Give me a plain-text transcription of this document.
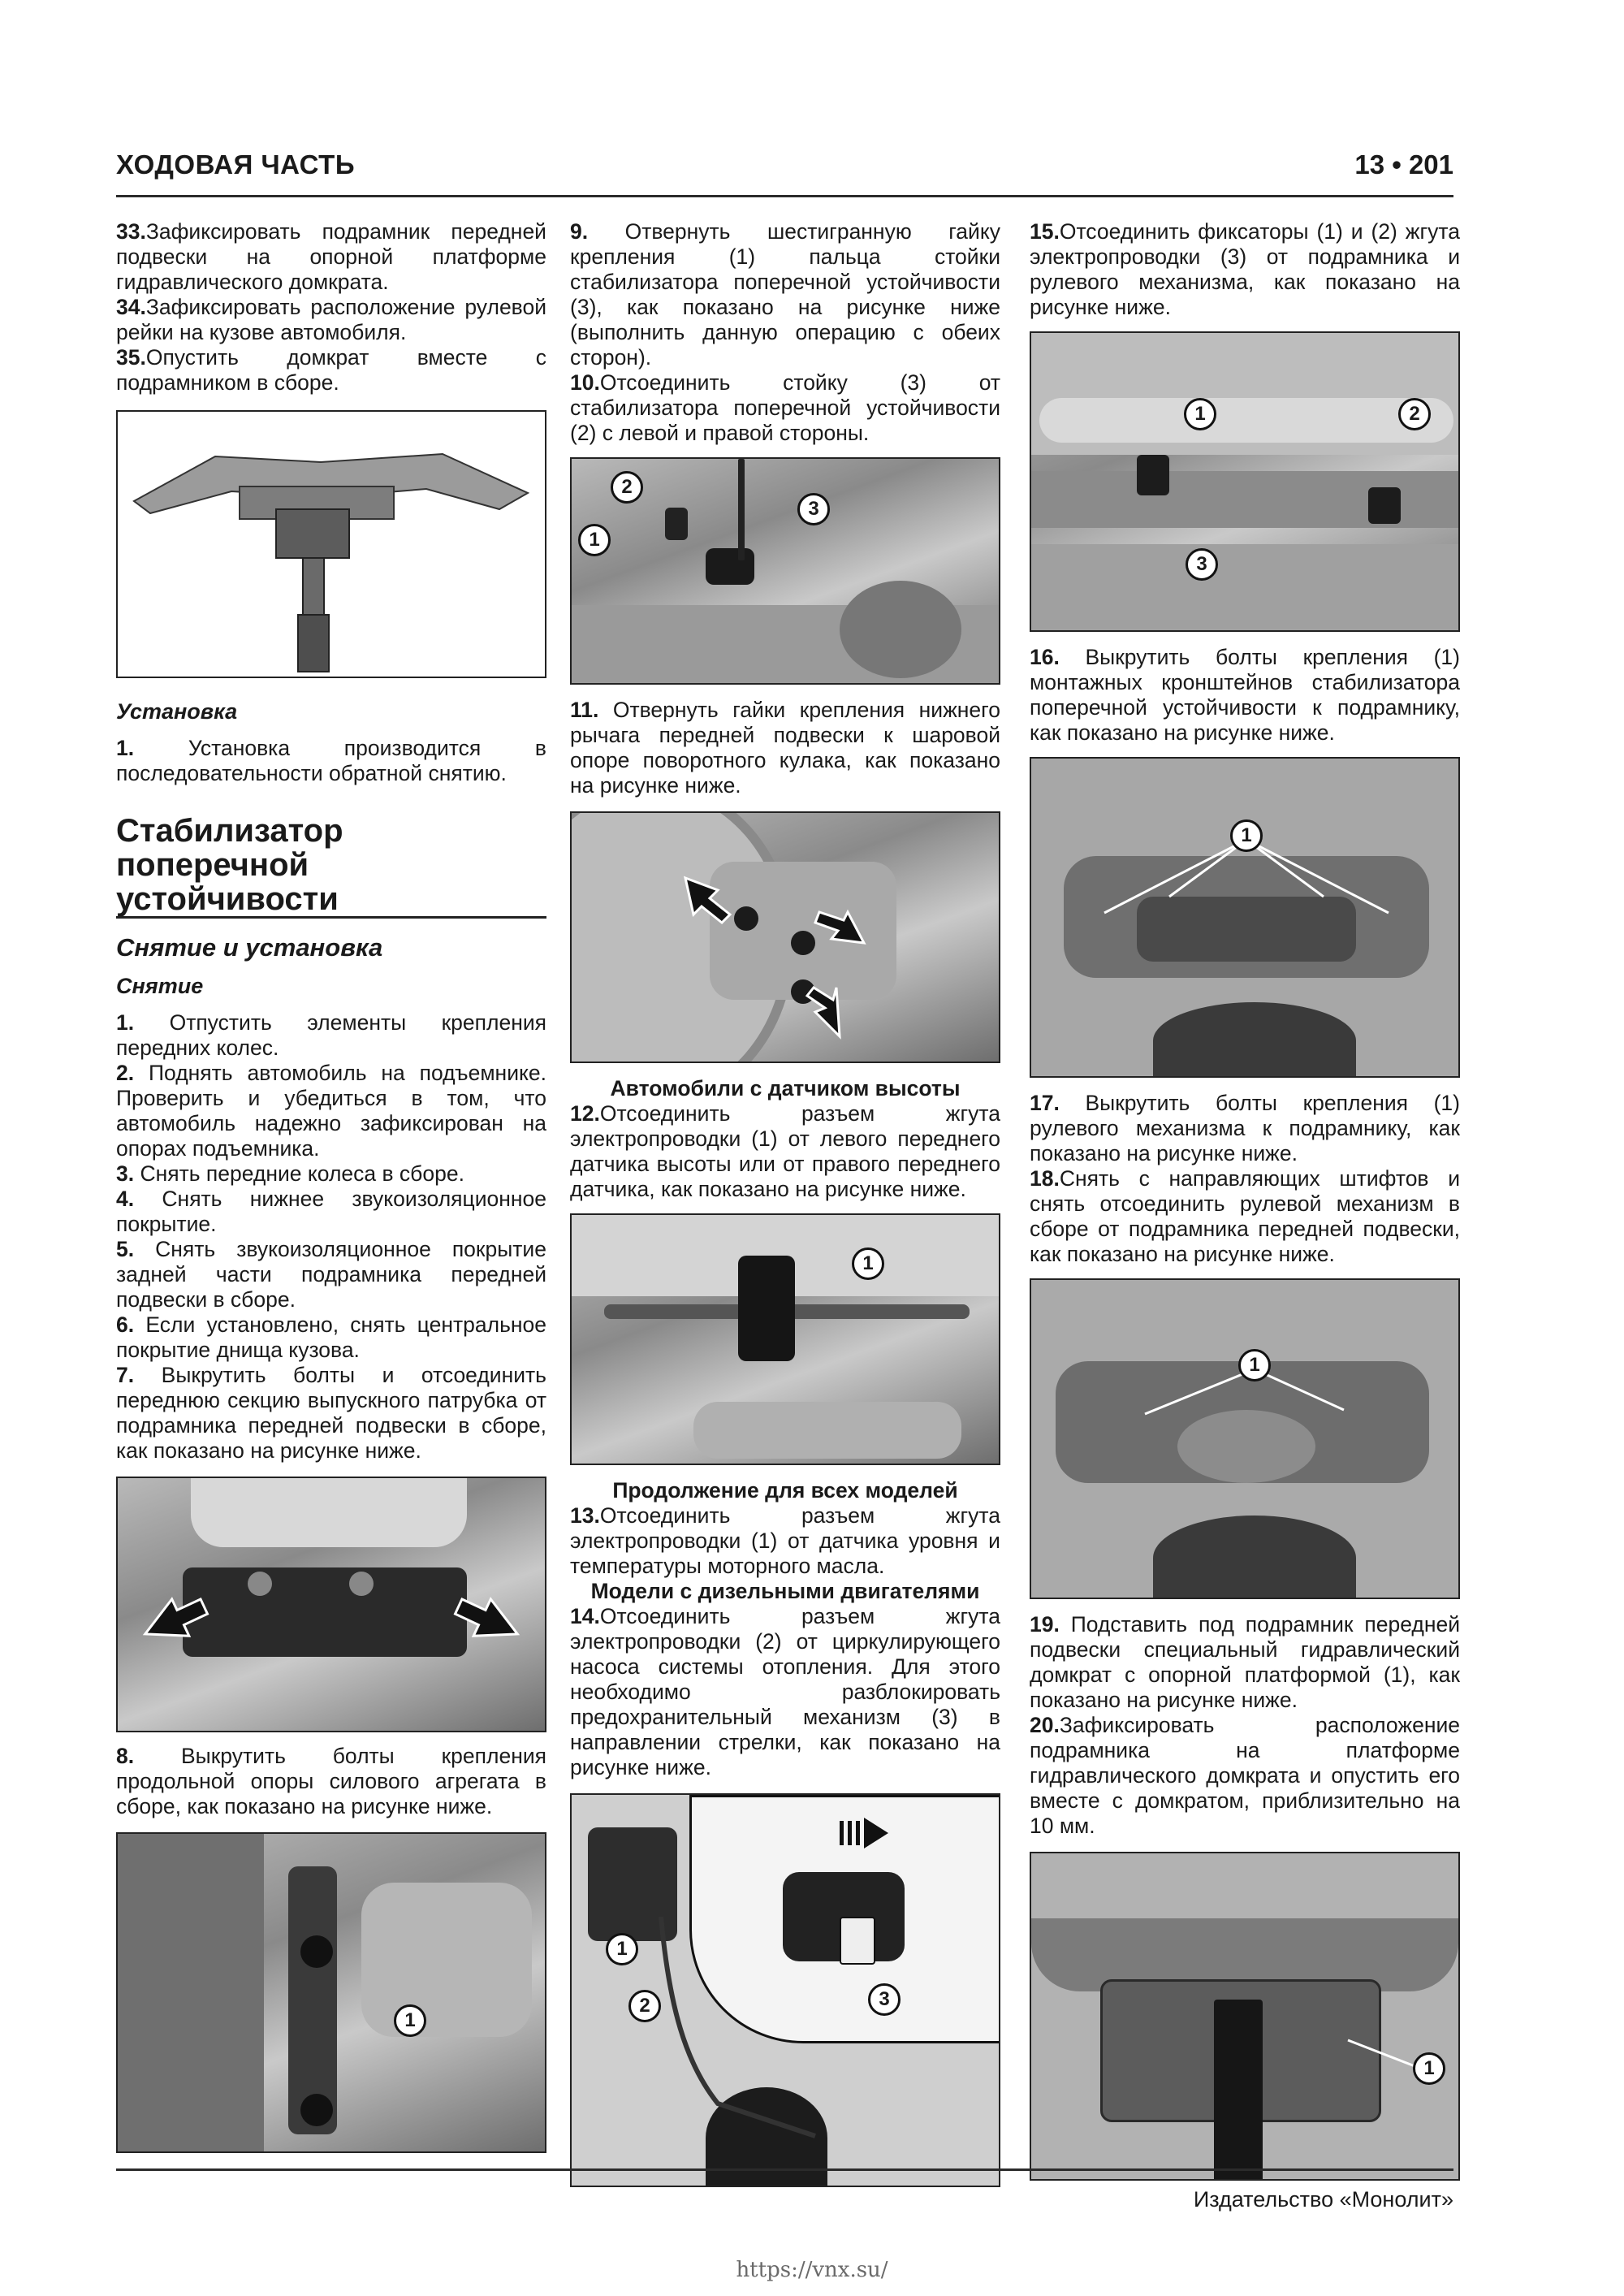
ХОДОВАЯ ЧАСТЬ	13 • 201

33.Зафиксировать подрамник передней подвески на опорной платформе гидравлического домкрата.

34.Зафиксировать расположение рулевой рейки на кузове автомобиля.

35.Опустить домкрат вместе с подрамником в сборе.

Установка

1.	Установка производится в последовательности обратной снятию.

Стабилизатор

поперечной

устойчивости

Снятие и установка

Снятие

1. Отпустить элементы крепления передних колес.

2. Поднять автомобиль на подъемнике. Проверить и убедиться в том, что автомобиль надежно зафиксирован на опорах подъемника.

3. Снять передние колеса в сборе.

4. Снять нижнее звукоизоляционное покрытие.

5. Снять звукоизоляционное покрытие задней части подрамника передней подвески в сборе.

6. Если установлено, снять центральное покрытие днища кузова.

7. Выкрутить болты и отсоединить переднюю секцию выпускного патрубка от подрамника передней подвески в сборе, как показано на рисунке ниже.

8. Выкрутить болты крепления продольной опоры силового агрегата в сборе, как показано на рисунке ниже.

1

9. Отвернуть шестигранную гайку крепления (1) пальца стойки стабилизатора поперечной устойчивости (3), как показано на рисунке ниже (выполнить данную операцию с обеих сторон).

10.Отсоединить стойку (3) от стабилизатора поперечной устойчивости (2) с левой и правой стороны.

2
1
3

11. Отвернуть гайки крепления нижнего рычага передней подвески к шаровой опоре поворотного кулака, как показано на рисунке ниже.

Автомобили с датчиком высоты

12.Отсоединить разъем жгута электропроводки (1) от левого переднего датчика высоты или от правого переднего датчика, как показано на рисунке ниже.

1

Продолжение для всех моделей

13.Отсоединить разъем жгута электропроводки (1) от датчика уровня и температуры моторного масла.

Модели с дизельными двигателями

14.Отсоединить разъем жгута электропроводки (2) от циркулирующего насоса системы отопления. Для этого необходимо разблокировать предохранительный механизм (3) в направлении стрелки, как показано на рисунке ниже.

1
2	3

15.Отсоединить фиксаторы (1) и (2) жгута электропроводки (3) от подрамника и рулевого механизма, как показано на рисунке ниже.

1	2
3

16. Выкрутить болты крепления (1) монтажных кронштейнов стабилизатора поперечной устойчивости к подрамнику, как показано на рисунке ниже.

1

17. Выкрутить болты крепления (1) рулевого механизма к подрамнику, как показано на рисунке ниже.

18.Снять с направляющих штифтов и снять отсоединить рулевой механизм в сборе от подрамника передней подвески, как показано на рисунке ниже.

1

19. Подставить под подрамник передней подвески специальный гидравлический домкрат с опорной платформой (1), как показано на рисунке ниже.

20.Зафиксировать расположение подрамника на платформе гидравлического домкрата и опустить его вместе с домкратом, приблизительно на 10 мм.

1
Издательство «Монолит»
https://vnx.su/
